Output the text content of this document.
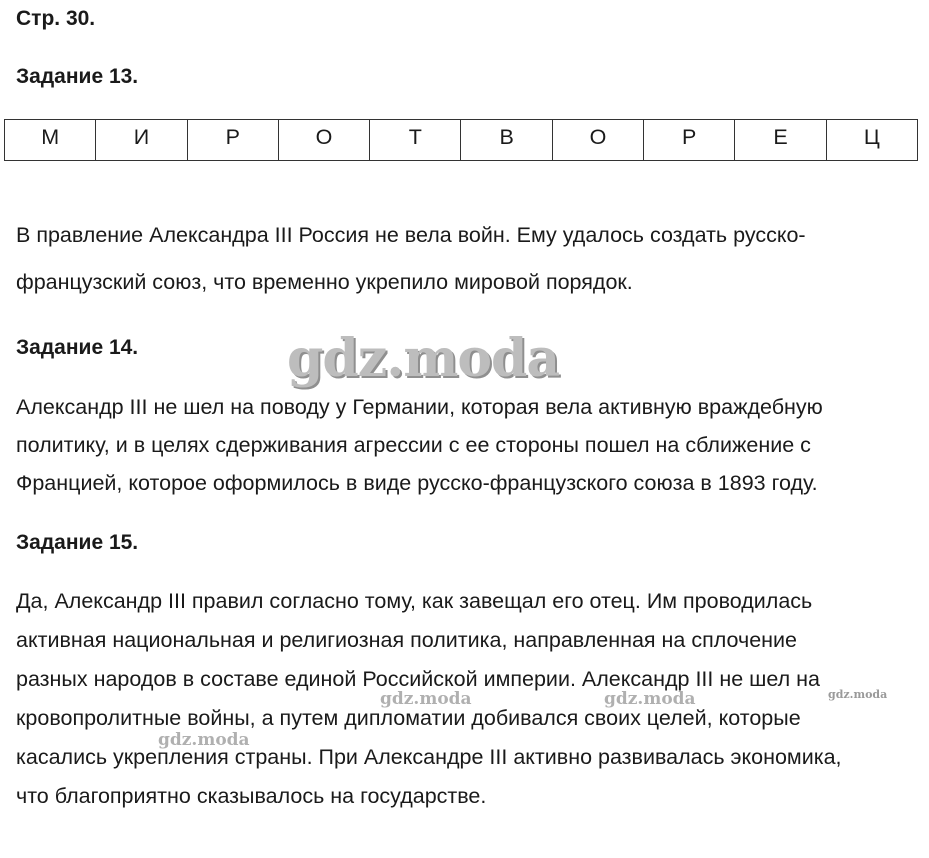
Стр. 30.
Задание 13.
М	И	Р	О	Т	В	О	Р	Е	Ц
В правление Александра III Россия не вела войн. Ему удалось создать русско-
французский союз, что временно укрепило мировой порядок.
Задание 14.
Александр III не шел на поводу у Германии, которая вела активную враждебную
политику, и в целях сдерживания агрессии с ее стороны пошел на сближение с
Францией, которое оформилось в виде русско-французского союза в 1893 году.
Задание 15.
Да, Александр III правил согласно тому, как завещал его отец. Им проводилась
активная национальная и религиозная политика, направленная на сплочение
разных народов в составе единой Российской империи. Александр III не шел на
кровопролитные войны, а путем дипломатии добивался своих целей, которые
касались укрепления страны. При Александре III активно развивалась экономика,
что благоприятно сказывалось на государстве.
gdz.moda
gdz.moda	gdz.moda	gdz.moda
gdz.moda
